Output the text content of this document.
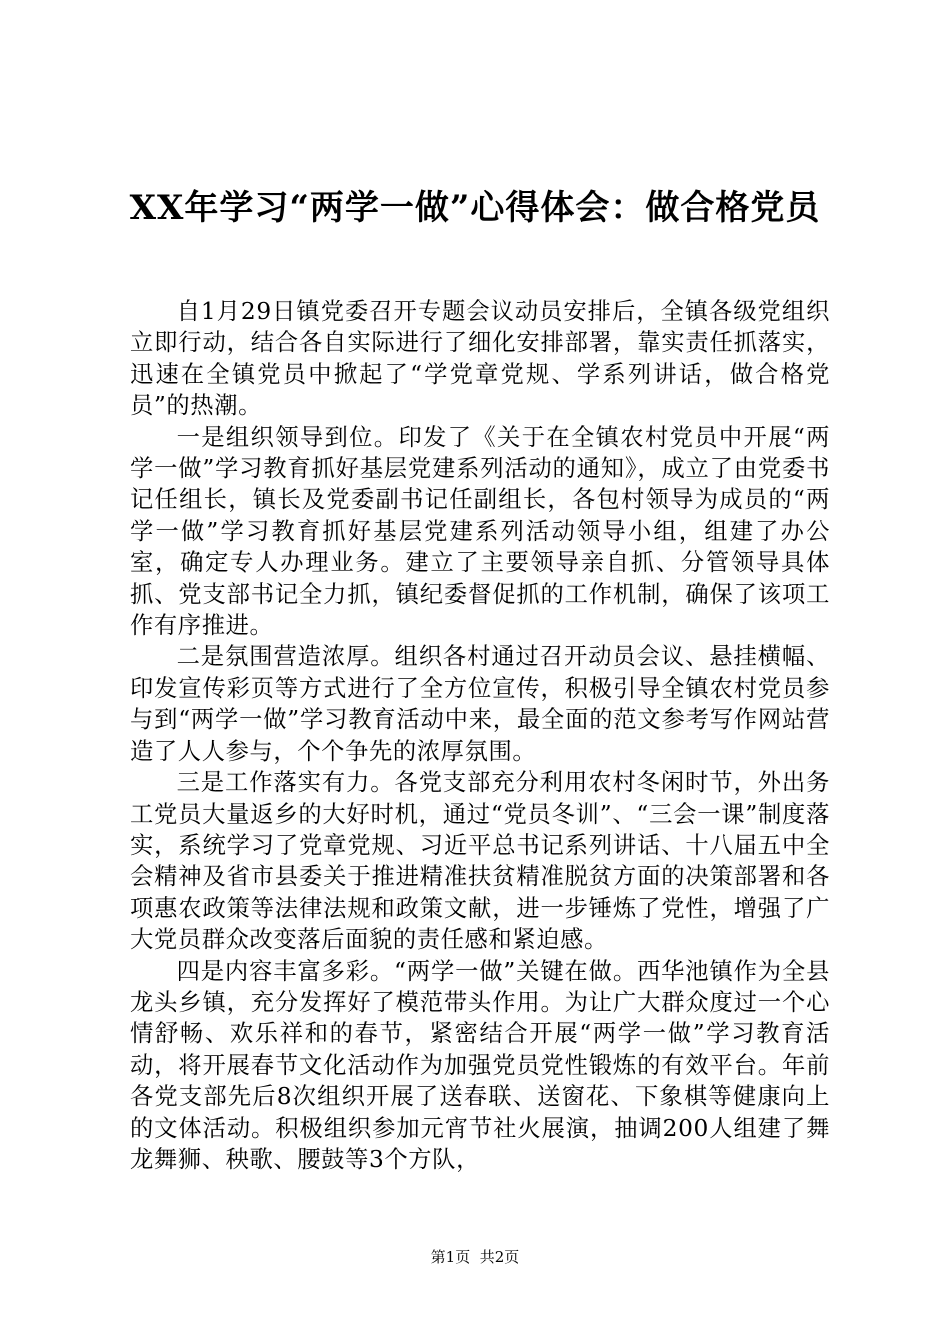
XX年学习“两学一做”心得体会：做合格党员

自1月29日镇党委召开专题会议动员安排后，全镇各级党组织立即行动，结合各自实际进行了细化安排部署，靠实责任抓落实，迅速在全镇党员中掀起了“学党章党规、学系列讲话，做合格党员”的热潮。

一是组织领导到位。印发了《关于在全镇农村党员中开展“两学一做”学习教育抓好基层党建系列活动的通知》，成立了由党委书记任组长，镇长及党委副书记任副组长，各包村领导为成员的“两学一做”学习教育抓好基层党建系列活动领导小组，组建了办公室，确定专人办理业务。建立了主要领导亲自抓、分管领导具体抓、党支部书记全力抓，镇纪委督促抓的工作机制，确保了该项工作有序推进。

二是氛围营造浓厚。组织各村通过召开动员会议、悬挂横幅、印发宣传彩页等方式进行了全方位宣传，积极引导全镇农村党员参与到“两学一做”学习教育活动中来，最全面的范文参考写作网站营造了人人参与，个个争先的浓厚氛围。

三是工作落实有力。各党支部充分利用农村冬闲时节，外出务工党员大量返乡的大好时机，通过“党员冬训”、“三会一课”制度落实，系统学习了党章党规、习近平总书记系列讲话、十八届五中全会精神及省市县委关于推进精准扶贫精准脱贫方面的决策部署和各项惠农政策等法律法规和政策文献，进一步锤炼了党性，增强了广大党员群众改变落后面貌的责任感和紧迫感。

四是内容丰富多彩。“两学一做”关键在做。西华池镇作为全县龙头乡镇，充分发挥好了模范带头作用。为让广大群众度过一个心情舒畅、欢乐祥和的春节，紧密结合开展“两学一做”学习教育活动，将开展春节文化活动作为加强党员党性锻炼的有效平台。年前各党支部先后8次组织开展了送春联、送窗花、下象棋等健康向上的文体活动。积极组织参加元宵节社火展演，抽调200人组建了舞龙舞狮、秧歌、腰鼓等3个方队，

第1页 共2页
